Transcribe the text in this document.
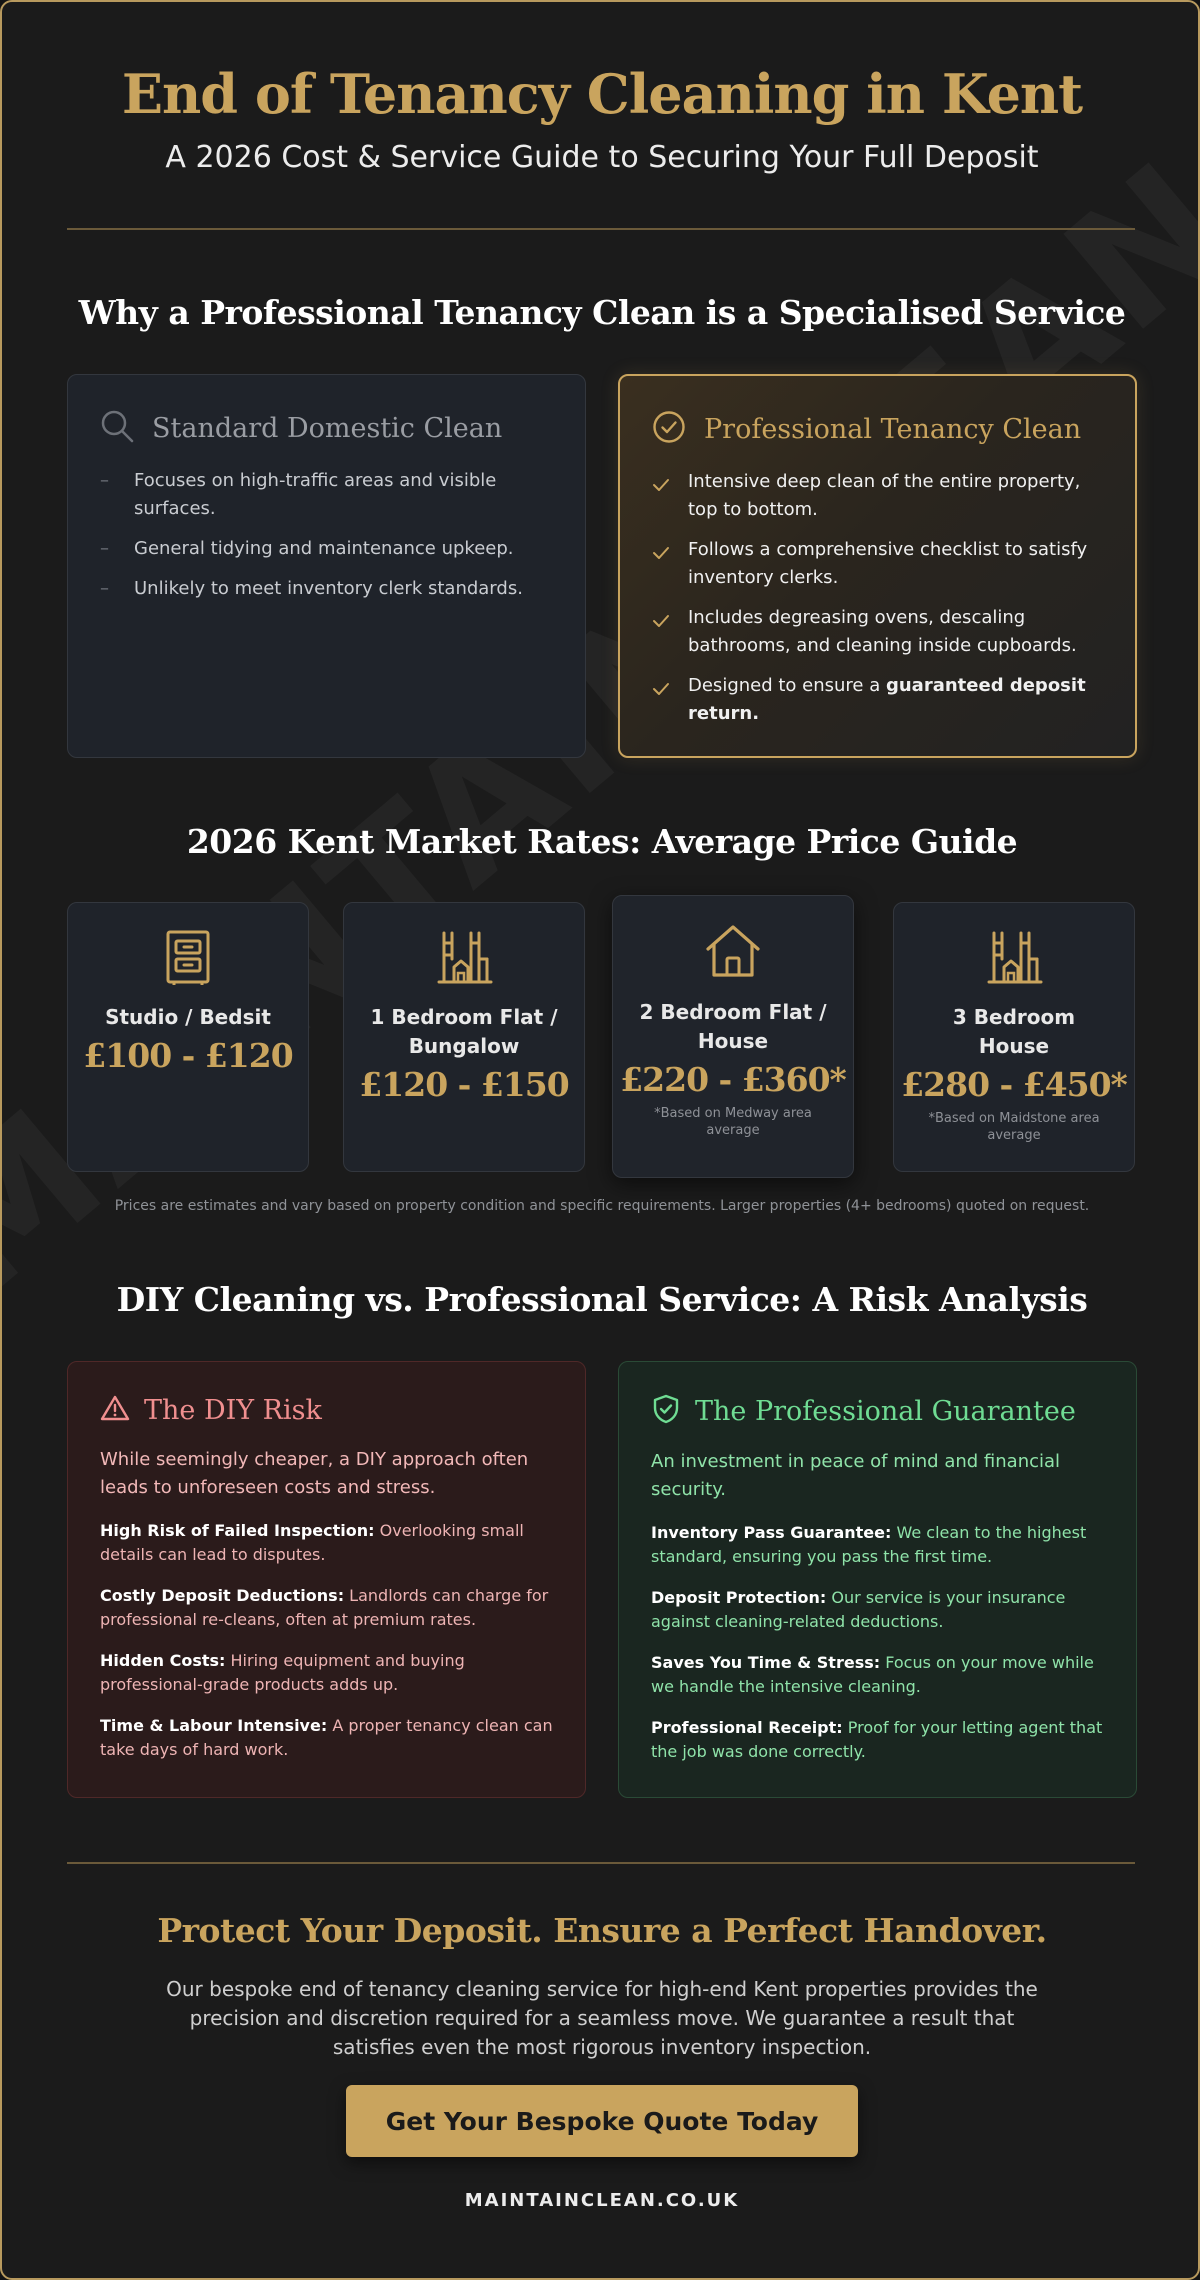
End of Tenancy Cleaning in Kent
A 2026 Cost & Service Guide to Securing Your Full Deposit
Why a Professional Tenancy Clean is a Specialised Service
Standard Domestic Clean
–	Focuses on high-traffic areas and visible surfaces.
–	General tidying and maintenance upkeep.
–	Unlikely to meet inventory clerk standards.
Professional Tenancy Clean
Intensive deep clean of the entire property, top to bottom.
Follows a comprehensive checklist to satisfy inventory clerks.
Includes degreasing ovens, descaling bathrooms, and cleaning inside cupboards.
Designed to ensure a guaranteed deposit return.
2026 Kent Market Rates: Average Price Guide
Studio / Bedsit
£100 - £120
1 Bedroom Flat / Bungalow
£120 - £150
2 Bedroom Flat / House
£220 - £360*
*Based on Medway area average
3 Bedroom House
£280 - £450*
*Based on Maidstone area average
Prices are estimates and vary based on property condition and specific requirements. Larger properties (4+ bedrooms) quoted on request.
DIY Cleaning vs. Professional Service: A Risk Analysis
The DIY Risk
While seemingly cheaper, a DIY approach often leads to unforeseen costs and stress.
High Risk of Failed Inspection: Overlooking small details can lead to disputes.
Costly Deposit Deductions: Landlords can charge for professional re-cleans, often at premium rates.
Hidden Costs: Hiring equipment and buying professional-grade products adds up.
Time & Labour Intensive: A proper tenancy clean can take days of hard work.
The Professional Guarantee
An investment in peace of mind and financial security.
Inventory Pass Guarantee: We clean to the highest standard, ensuring you pass the first time.
Deposit Protection: Our service is your insurance against cleaning-related deductions.
Saves You Time & Stress: Focus on your move while we handle the intensive cleaning.
Professional Receipt: Proof for your letting agent that the job was done correctly.
Protect Your Deposit. Ensure a Perfect Handover.

Our bespoke end of tenancy cleaning service for high-end Kent properties provides the precision and discretion required for a seamless move. We guarantee a result that satisfies even the most rigorous inventory inspection.

Get Your Bespoke Quote Today
MAINTAINCLEAN.CO.UK
